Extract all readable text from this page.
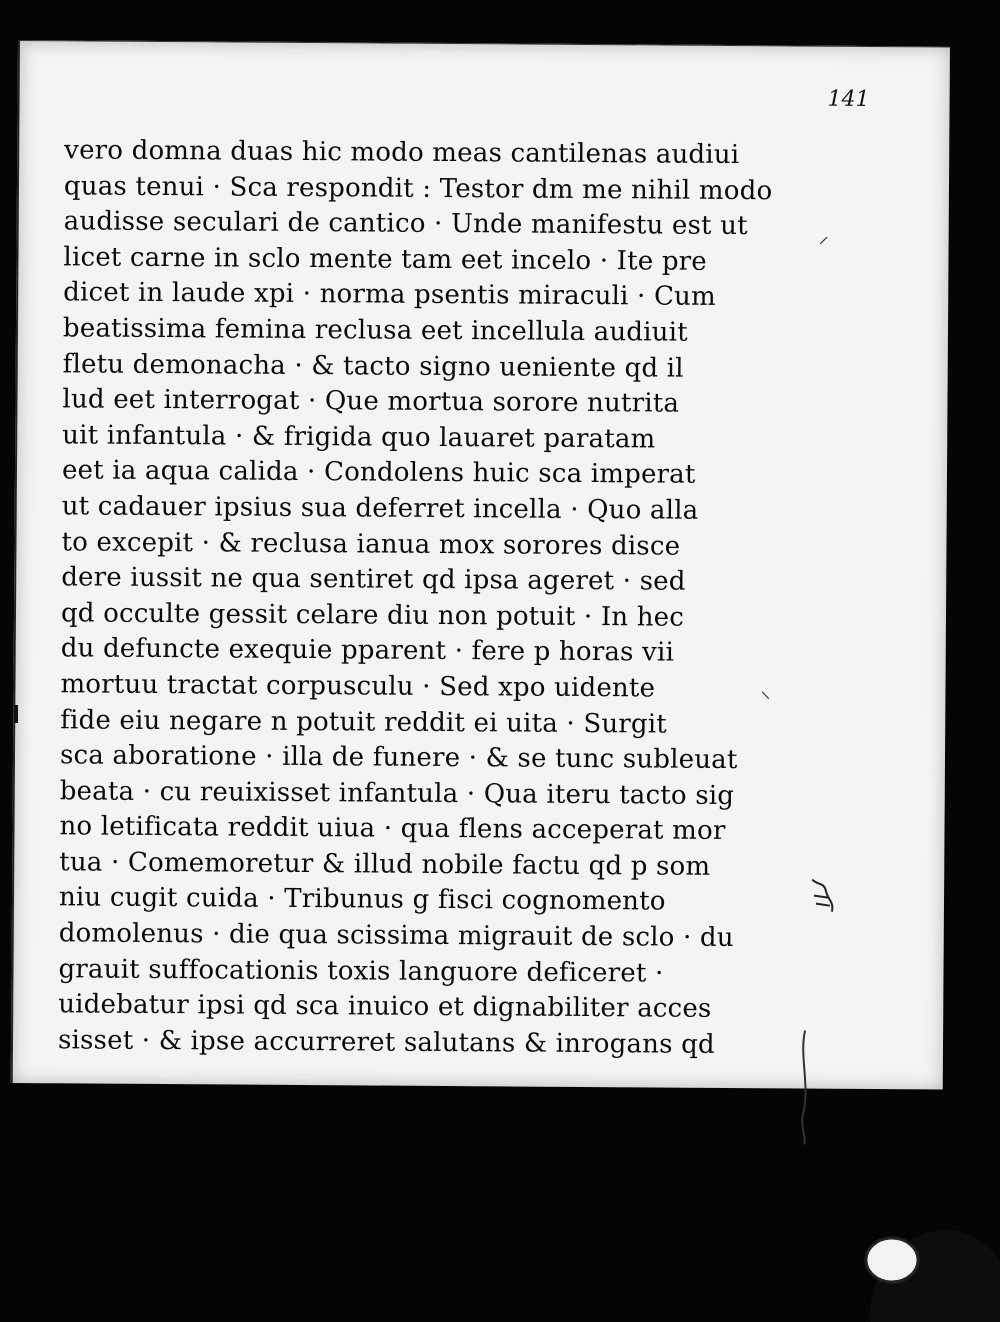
141
vero domna duas hic modo meas cantilenas audiui
quas tenui · Sca respondit : Testor dm me nihil modo
audisse seculari de cantico · Unde manifestu est ut
licet carne in sclo mente tam eet incelo · Ite pre
dicet in laude xpi · norma psentis miraculi · Cum
beatissima femina reclusa eet incellula audiuit
fletu demonacha · & tacto signo ueniente qd il
lud eet interrogat · Que mortua sorore nutrita
uit infantula · & frigida quo lauaret paratam
eet ia aqua calida · Condolens huic sca imperat
ut cadauer ipsius sua deferret incella · Quo alla
to excepit · & reclusa ianua mox sorores disce
dere iussit ne qua sentiret qd ipsa ageret · sed
qd occulte gessit celare diu non potuit · In hec
du defuncte exequie pparent · fere p horas vii
mortuu tractat corpusculu · Sed xpo uidente
fide eiu negare n potuit reddit ei uita · Surgit
sca aboratione · illa de funere · & se tunc subleuat
beata · cu reuixisset infantula · Qua iteru tacto sig
no letificata reddit uiua · qua flens acceperat mor
tua · Comemoretur & illud nobile factu qd p som
niu cugit cuida · Tribunus g fisci cognomento
domolenus · die qua scissima migrauit de sclo · du
grauit suffocationis toxis languore deficeret ·
uidebatur ipsi qd sca inuico et dignabiliter acces
sisset · & ipse accurreret salutans & inrogans qd
⸝
⸜
